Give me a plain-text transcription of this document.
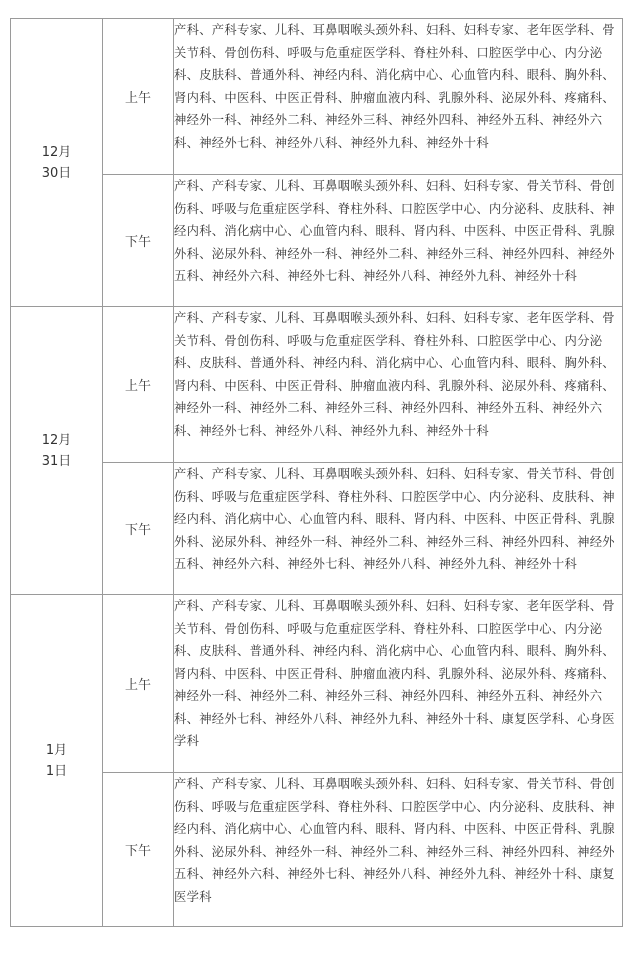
12月
30日	上午	产科、产科专家、儿科、耳鼻咽喉头颈外科、妇科、妇科专家、老年医学科、骨关节科、骨创伤科、呼吸与危重症医学科、脊柱外科、口腔医学中心、内分泌科、皮肤科、普通外科、神经内科、消化病中心、心血管内科、眼科、胸外科、肾内科、中医科、中医正骨科、肿瘤血液内科、乳腺外科、泌尿外科、疼痛科、神经外一科、神经外二科、神经外三科、神经外四科、神经外五科、神经外六科、神经外七科、神经外八科、神经外九科、神经外十科
	下午	产科、产科专家、儿科、耳鼻咽喉头颈外科、妇科、妇科专家、骨关节科、骨创伤科、呼吸与危重症医学科、脊柱外科、口腔医学中心、内分泌科、皮肤科、神经内科、消化病中心、心血管内科、眼科、肾内科、中医科、中医正骨科、乳腺外科、泌尿外科、神经外一科、神经外二科、神经外三科、神经外四科、神经外五科、神经外六科、神经外七科、神经外八科、神经外九科、神经外十科

12月
31日	上午	产科、产科专家、儿科、耳鼻咽喉头颈外科、妇科、妇科专家、老年医学科、骨关节科、骨创伤科、呼吸与危重症医学科、脊柱外科、口腔医学中心、内分泌科、皮肤科、普通外科、神经内科、消化病中心、心血管内科、眼科、胸外科、肾内科、中医科、中医正骨科、肿瘤血液内科、乳腺外科、泌尿外科、疼痛科、神经外一科、神经外二科、神经外三科、神经外四科、神经外五科、神经外六科、神经外七科、神经外八科、神经外九科、神经外十科
	下午	产科、产科专家、儿科、耳鼻咽喉头颈外科、妇科、妇科专家、骨关节科、骨创伤科、呼吸与危重症医学科、脊柱外科、口腔医学中心、内分泌科、皮肤科、神经内科、消化病中心、心血管内科、眼科、肾内科、中医科、中医正骨科、乳腺外科、泌尿外科、神经外一科、神经外二科、神经外三科、神经外四科、神经外五科、神经外六科、神经外七科、神经外八科、神经外九科、神经外十科

1月
1日	上午	产科、产科专家、儿科、耳鼻咽喉头颈外科、妇科、妇科专家、老年医学科、骨关节科、骨创伤科、呼吸与危重症医学科、脊柱外科、口腔医学中心、内分泌科、皮肤科、普通外科、神经内科、消化病中心、心血管内科、眼科、胸外科、肾内科、中医科、中医正骨科、肿瘤血液内科、乳腺外科、泌尿外科、疼痛科、神经外一科、神经外二科、神经外三科、神经外四科、神经外五科、神经外六科、神经外七科、神经外八科、神经外九科、神经外十科、康复医学科、心身医学科
	下午	产科、产科专家、儿科、耳鼻咽喉头颈外科、妇科、妇科专家、骨关节科、骨创伤科、呼吸与危重症医学科、脊柱外科、口腔医学中心、内分泌科、皮肤科、神经内科、消化病中心、心血管内科、眼科、肾内科、中医科、中医正骨科、乳腺外科、泌尿外科、神经外一科、神经外二科、神经外三科、神经外四科、神经外五科、神经外六科、神经外七科、神经外八科、神经外九科、神经外十科、康复医学科
